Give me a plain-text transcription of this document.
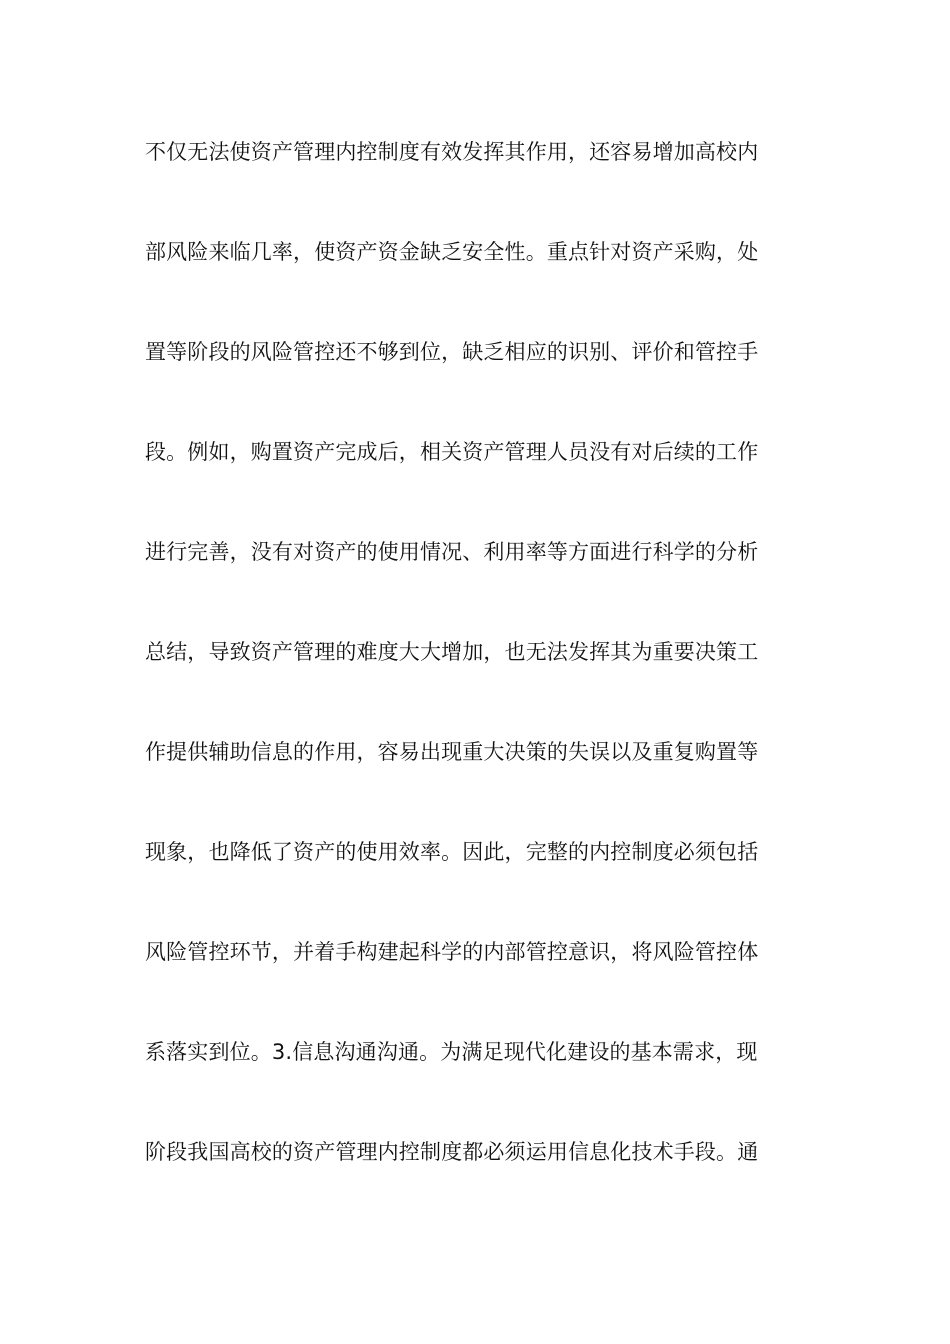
不仅无法使资产管理内控制度有效发挥其作用，还容易增加高校内
部风险来临几率，使资产资金缺乏安全性。重点针对资产采购，处
置等阶段的风险管控还不够到位，缺乏相应的识别、评价和管控手
段。例如，购置资产完成后，相关资产管理人员没有对后续的工作
进行完善，没有对资产的使用情况、利用率等方面进行科学的分析
总结，导致资产管理的难度大大增加，也无法发挥其为重要决策工
作提供辅助信息的作用，容易出现重大决策的失误以及重复购置等
现象，也降低了资产的使用效率。因此，完整的内控制度必须包括
风险管控环节，并着手构建起科学的内部管控意识，将风险管控体
系落实到位。3.信息沟通沟通。为满足现代化建设的基本需求，现
阶段我国高校的资产管理内控制度都必须运用信息化技术手段。通
